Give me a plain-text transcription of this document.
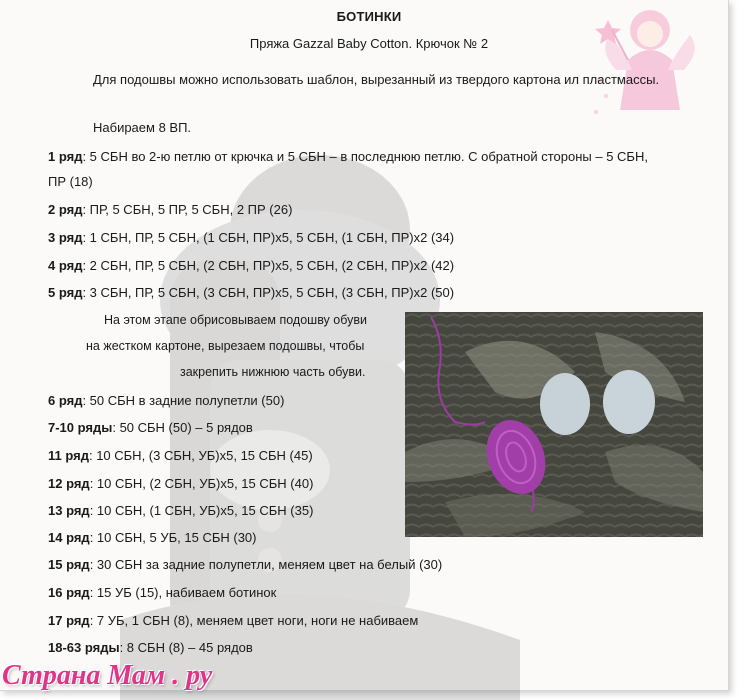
БОТИНКИ
Пряжа Gazzal Baby Cotton. Крючок № 2
Для подошвы можно использовать шаблон, вырезанный из твердого картона ил пластмассы.
Набираем 8 ВП.
1 ряд: 5 СБН во 2-ю петлю от крючка и 5 СБН – в последнюю петлю. С обратной стороны – 5 СБН,
ПР (18)
2 ряд: ПР, 5 СБН, 5 ПР, 5 СБН, 2 ПР (26)
3 ряд: 1 СБН, ПР, 5 СБН, (1 СБН, ПР)х5, 5 СБН, (1 СБН, ПР)х2 (34)
4 ряд: 2 СБН, ПР, 5 СБН, (2 СБН, ПР)х5, 5 СБН, (2 СБН, ПР)х2 (42)
5 ряд: 3 СБН, ПР, 5 СБН, (3 СБН, ПР)х5, 5 СБН, (3 СБН, ПР)х2 (50)
На этом этапе обрисовываем подошву обуви
на жестком картоне, вырезаем подошвы, чтобы
закрепить нижнюю часть обуви.
6 ряд: 50 СБН в задние полупетли (50)
7-10 ряды: 50 СБН (50) – 5 рядов
11 ряд: 10 СБН, (3 СБН, УБ)х5, 15 СБН (45)
12 ряд: 10 СБН, (2 СБН, УБ)х5, 15 СБН (40)
13 ряд: 10 СБН, (1 СБН, УБ)х5, 15 СБН (35)
14 ряд: 10 СБН, 5 УБ, 15 СБН (30)
15 ряд: 30 СБН за задние полупетли, меняем цвет на белый (30)
16 ряд: 15 УБ (15), набиваем ботинок
17 ряд: 7 УБ, 1 СБН (8), меняем цвет ноги, ноги не набиваем
18-63 ряды: 8 СБН (8) – 45 рядов
Страна Мам . ру
